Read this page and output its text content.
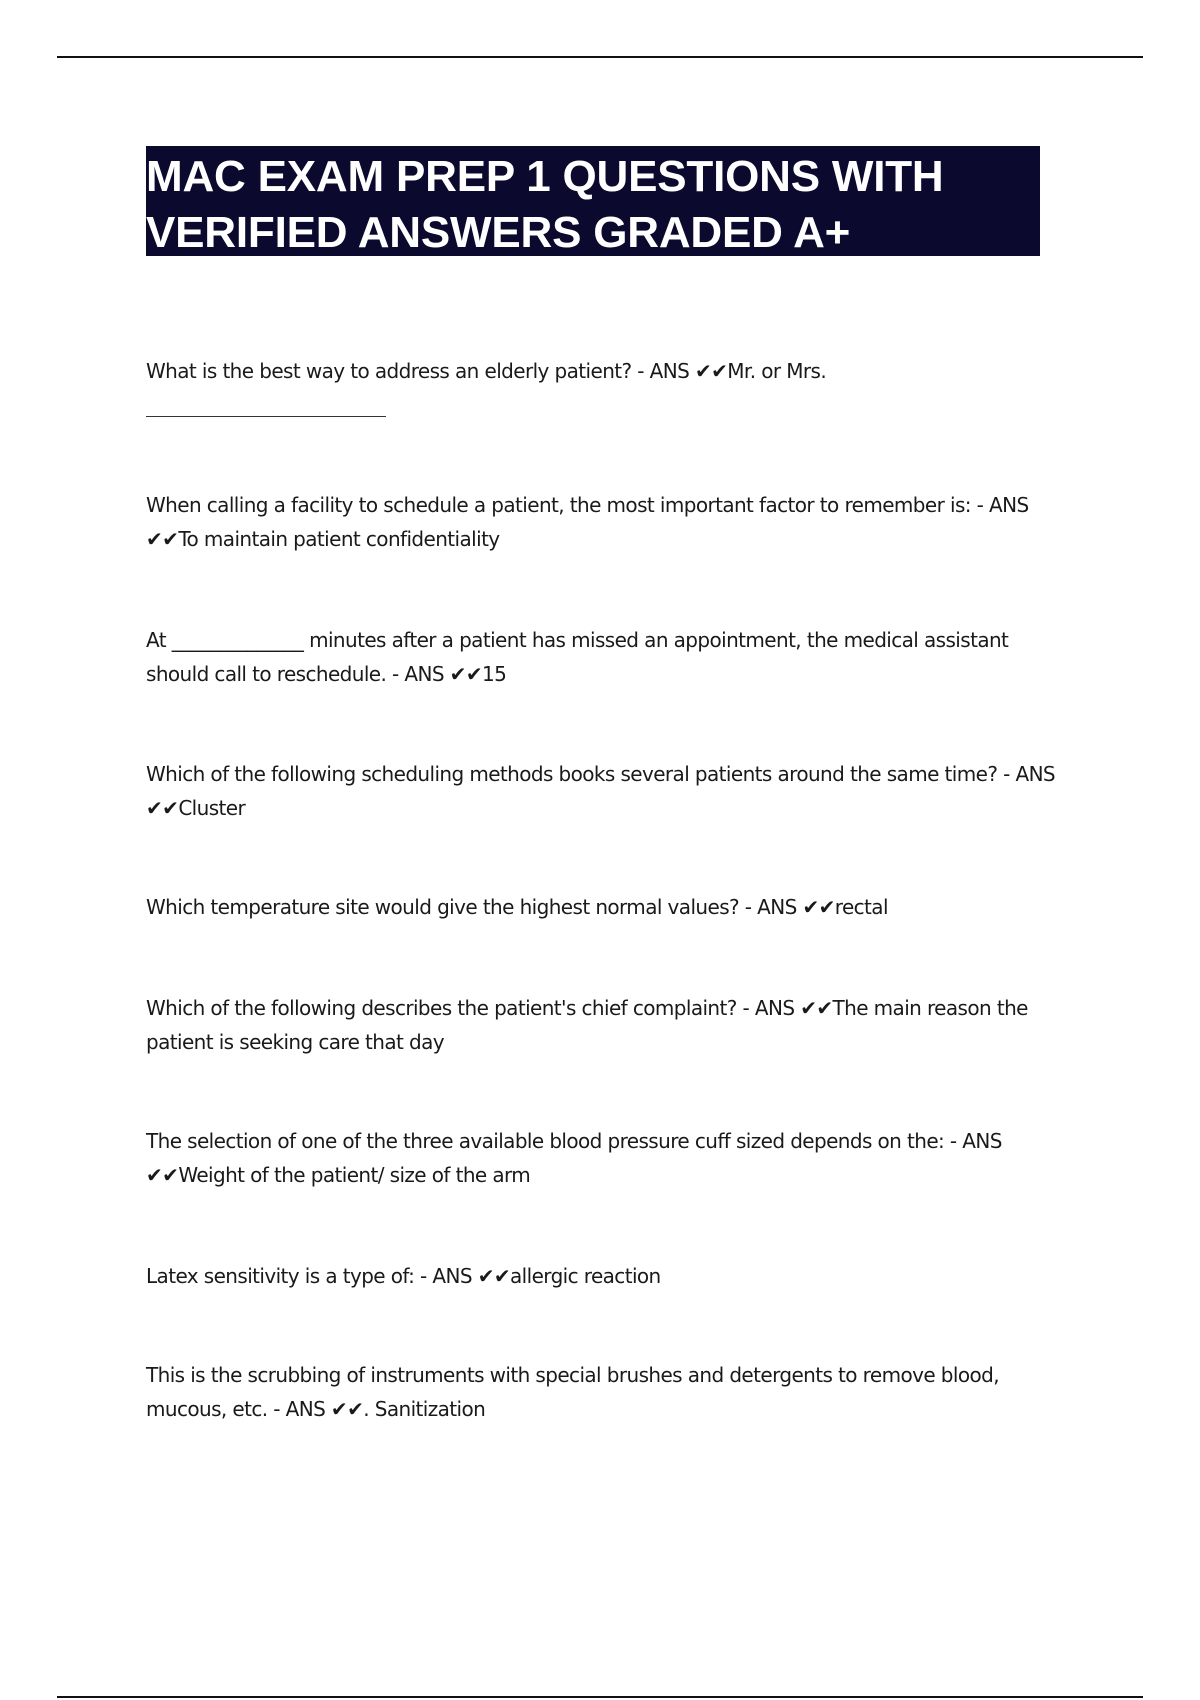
MAC EXAM PREP 1 QUESTIONS WITH
VERIFIED ANSWERS GRADED A+
What is the best way to address an elderly patient? - ANS ✔✔Mr. or Mrs.
When calling a facility to schedule a patient, the most important factor to remember is: - ANS
✔✔To maintain patient confidentiality
At ______________ minutes after a patient has missed an appointment, the medical assistant
should call to reschedule. - ANS ✔✔15
Which of the following scheduling methods books several patients around the same time? - ANS
✔✔Cluster
Which temperature site would give the highest normal values? - ANS ✔✔rectal
Which of the following describes the patient's chief complaint? - ANS ✔✔The main reason the
patient is seeking care that day
The selection of one of the three available blood pressure cuff sized depends on the: - ANS
✔✔Weight of the patient/ size of the arm
Latex sensitivity is a type of: - ANS ✔✔allergic reaction
This is the scrubbing of instruments with special brushes and detergents to remove blood,
mucous, etc. - ANS ✔✔. Sanitization
